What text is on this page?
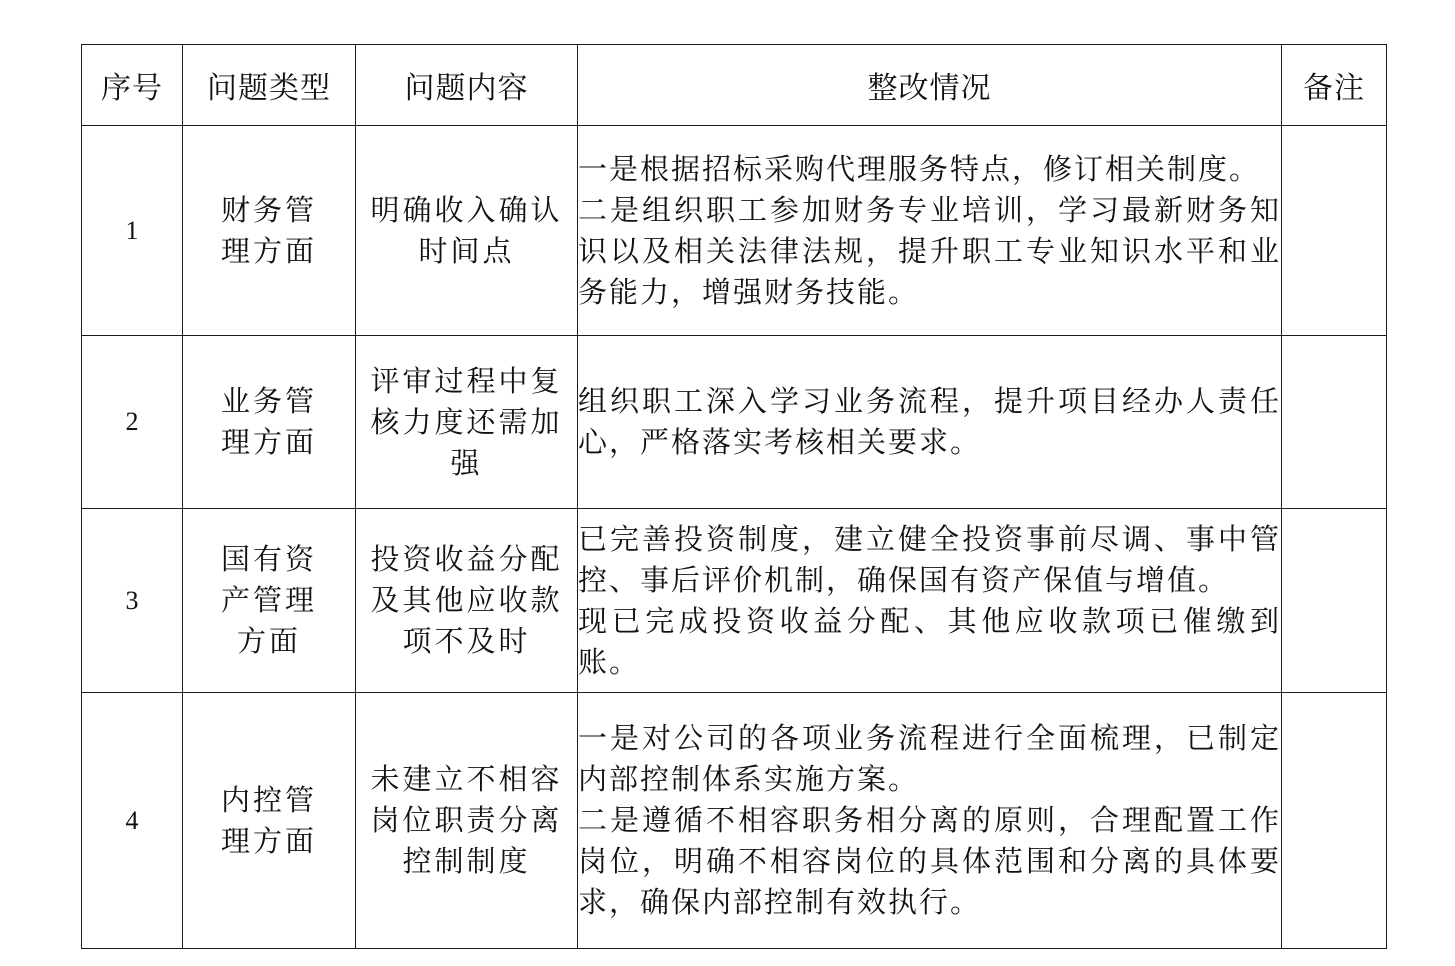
序号	问题类型	问题内容	整改情况	备注
1	财务管理方面	明确收入确认时间点	一是根据招标采购代理服务特点，修订相关制度。

二是组织职工参加财务专业培训，学习最新财务知识以及相关法律法规，提升职工专业知识水平和业务能力，增强财务技能。	

2	业务管理方面	评审过程中复核力度还需加强	组织职工深入学习业务流程，提升项目经办人责任心，严格落实考核相关要求。	

3	国有资产管理方面	投资收益分配及其他应收款项不及时	已完善投资制度，建立健全投资事前尽调、事中管控、事后评价机制，确保国有资产保值与增值。

现已完成投资收益分配、其他应收款项已催缴到账。	

4	内控管理方面	未建立不相容岗位职责分离控制制度	一是对公司的各项业务流程进行全面梳理，已制定内部控制体系实施方案。

二是遵循不相容职务相分离的原则，合理配置工作岗位，明确不相容岗位的具体范围和分离的具体要求，确保内部控制有效执行。	
